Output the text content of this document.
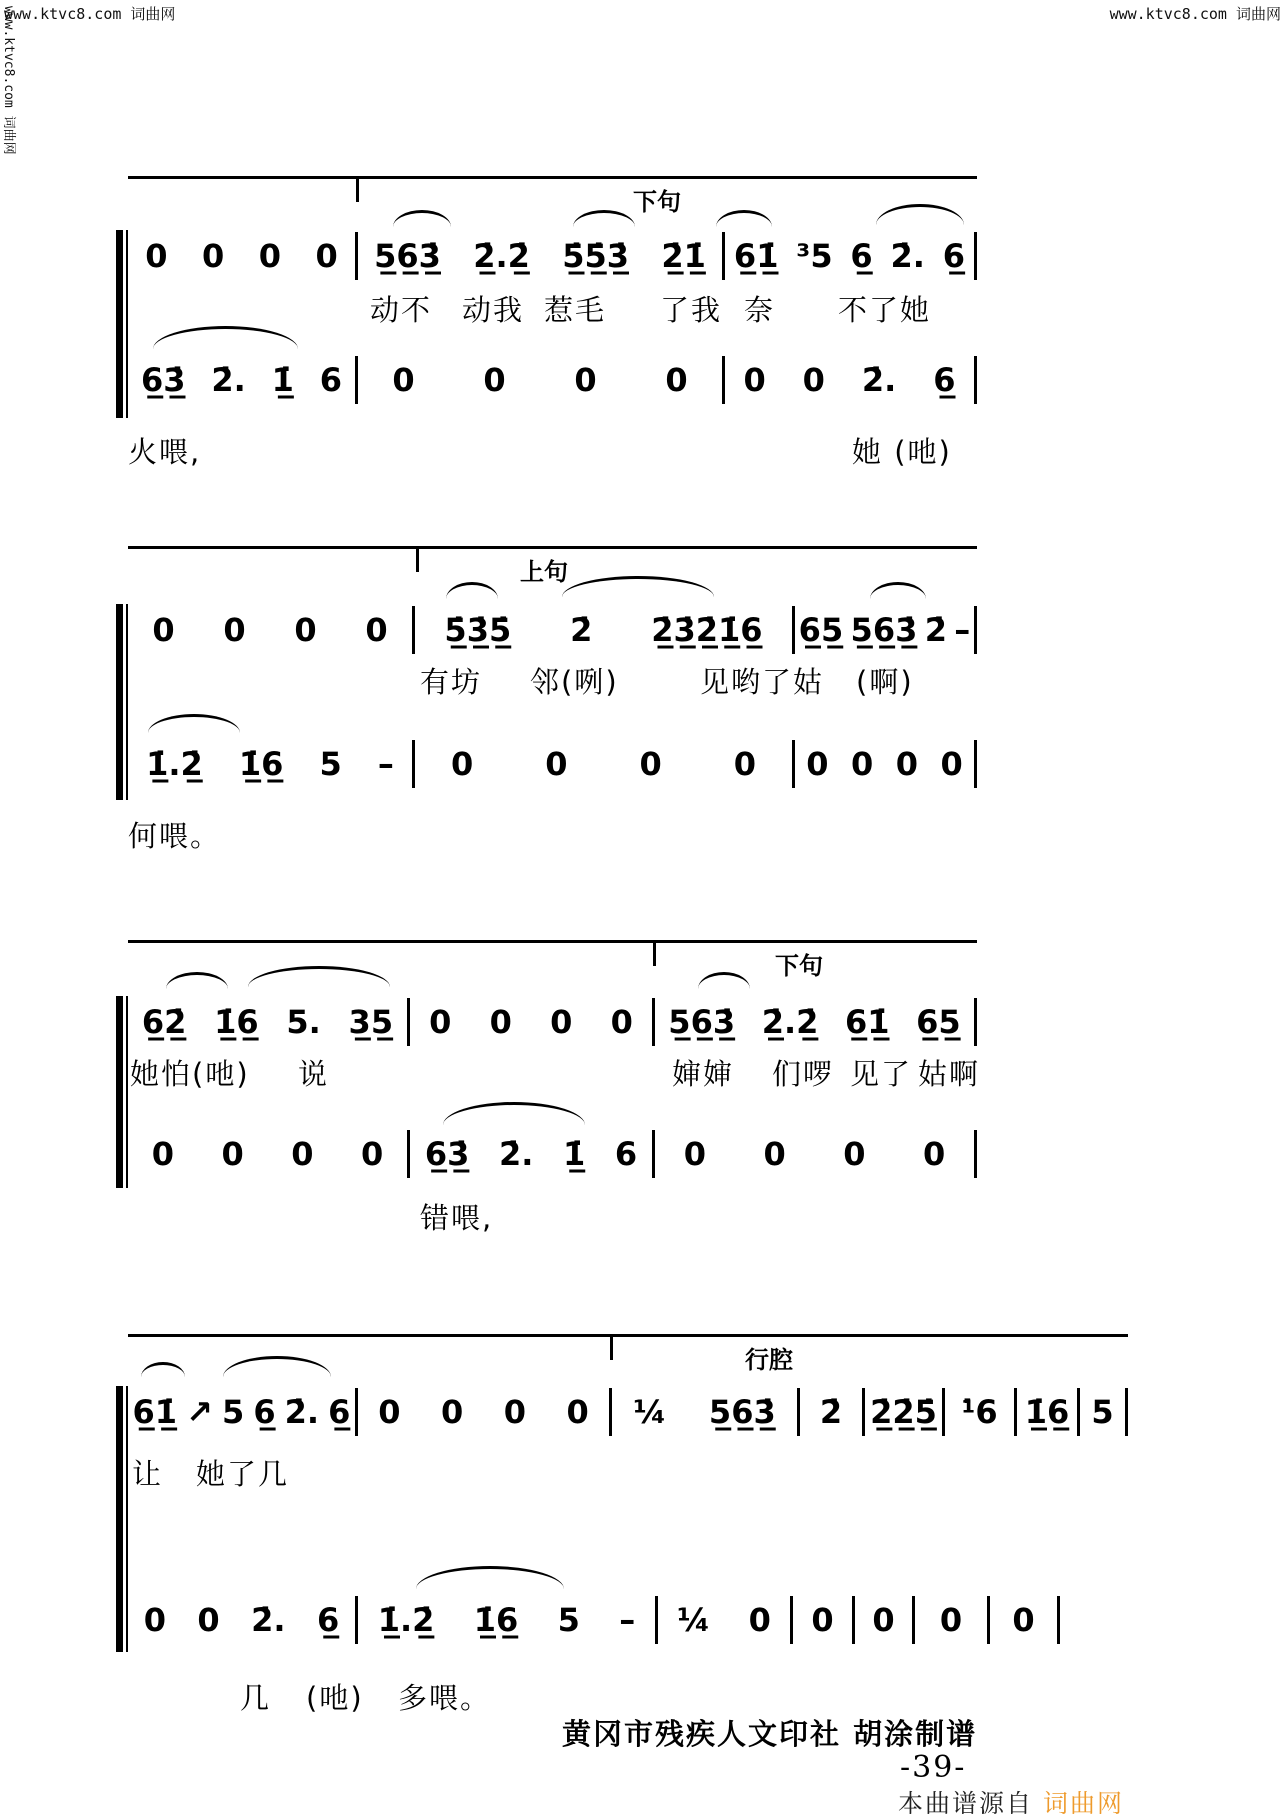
www.ktvc8.com 词曲网	www.ktvc8.com 词曲网
www.ktvc8.com 词曲网
下句
0 0 0 0 5̲6̲3̲̇ 2̲̇.2̲̇ 5̲̇5̲̇3̲̇ 2̲̇1̲̇ 6̲1̲̇ ³5 6̲ 2̇. 6̲
动不 动我 惹毛 了我 奈 不了她
6̲3̲̇ 2̇. 1̲̇ 6 0 0 0 0 0 0 2̇. 6̲
火喂,	她 (吔)
上句
0 0 0 0 5̲̇3̲̇5̲̇ 2̇ 2̲̇3̲̇2̲̇1̲̇6̲ 6̲5̲ 5̲6̲3̲̇ 2̇ –
有坊 邻(咧)	见哟了姑 (啊)
1̲̇.2̲̇ 1̲̇6̲ 5 – 0 0 0 0 0 0 0 0
何喂。
下句
6̲2̲̇ 1̲̇6̲ 5. 3̲5̲ 0 0 0 0 5̲6̲3̲̇ 2̲̇.2̲̇ 6̲1̲̇ 6̲5̲
她怕(吔) 说	婶婶 们啰 见了 姑啊
0 0 0 0 6̲3̲̇ 2̇. 1̲̇ 6 0 0 0 0
错喂,
行腔
6̲1̲̇ ↗ 5 6̲ 2̇. 6̲ 0 0 0 0 ¼ 5̲6̲3̲̇ 2̇ 2̲̇2̲̇5̲̇ ¹̇6 1̲̇6̲ 5
让 她了几
0 0 2̇. 6̲ 1̲̇.2̲̇ 1̲̇6̲ 5 – ¼ 0 0 0 0 0
几 (吔) 多喂。
黄冈市残疾人文印社 胡涂制谱
-39-
本曲谱源自 词曲网
